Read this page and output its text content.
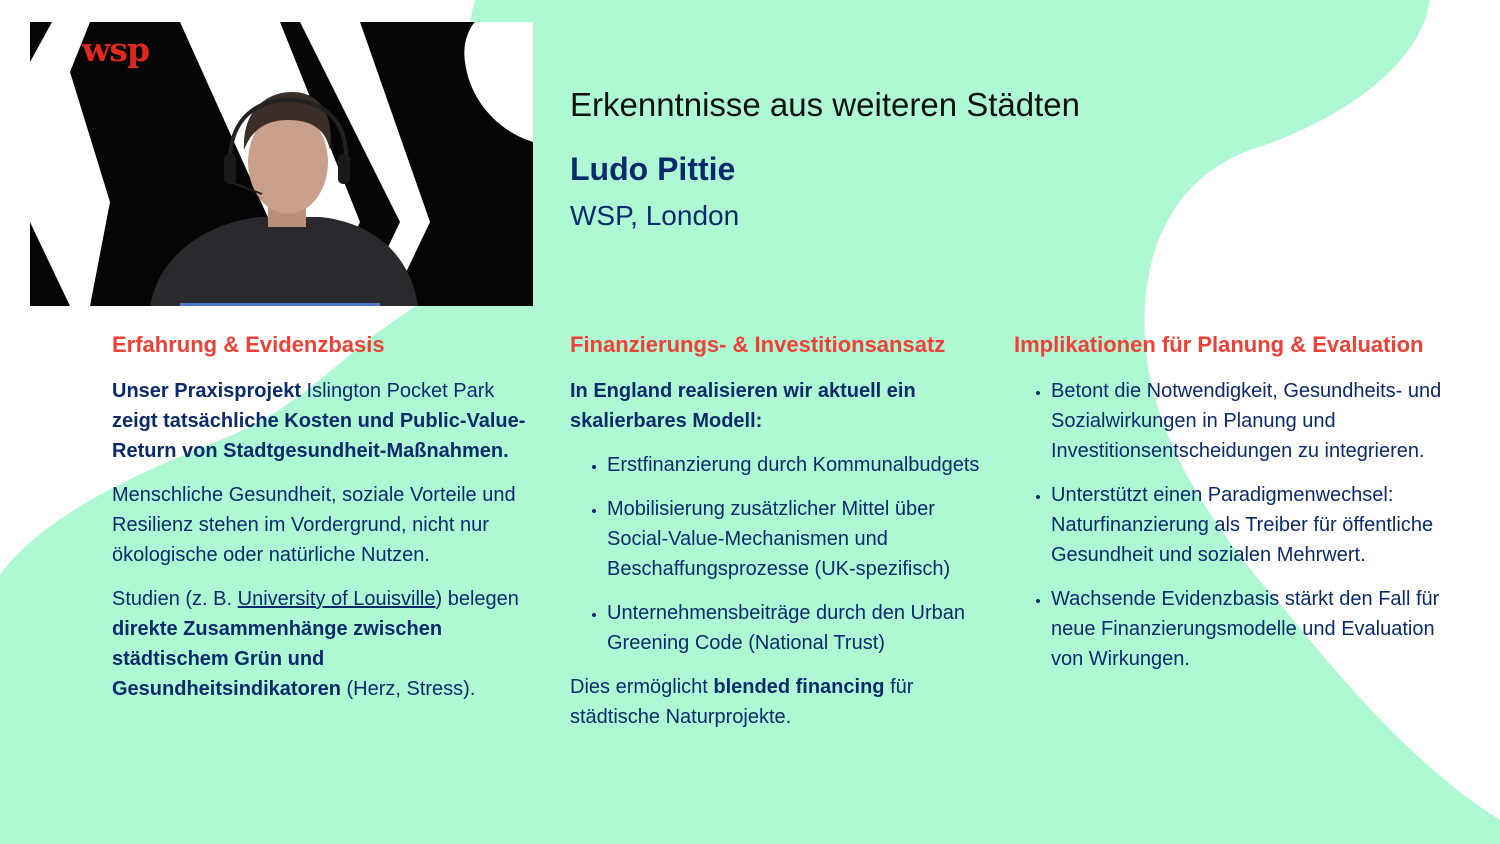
wsp
Erkenntnisse aus weiteren Städten
Ludo Pittie
WSP, London
Erfahrung & Evidenzbasis

Unser Praxisprojekt Islington Pocket Park zeigt tatsächliche Kosten und Public-Value-Return von Stadtgesundheit-Maßnahmen.

Menschliche Gesundheit, soziale Vorteile und Resilienz stehen im Vordergrund, nicht nur ökologische oder natürliche Nutzen.

Studien (z. B. University of Louisville) belegen direkte Zusammenhänge zwischen städtischem Grün und Gesundheitsindikatoren (Herz, Stress).

Finanzierungs- & Investitionsansatz

In England realisieren wir aktuell ein skalierbares Modell:

• Erstfinanzierung durch Kommunalbudgets
• Mobilisierung zusätzlicher Mittel über Social-Value-Mechanismen und Beschaffungsprozesse (UK-spezifisch)
• Unternehmensbeiträge durch den Urban Greening Code (National Trust)

Dies ermöglicht blended financing für städtische Naturprojekte.

Implikationen für Planung & Evaluation
• Betont die Notwendigkeit, Gesundheits- und Sozialwirkungen in Planung und Investitionsentscheidungen zu integrieren.
• Unterstützt einen Paradigmenwechsel: Naturfinanzierung als Treiber für öffentliche Gesundheit und sozialen Mehrwert.
• Wachsende Evidenzbasis stärkt den Fall für neue Finanzierungsmodelle und Evaluation von Wirkungen.
